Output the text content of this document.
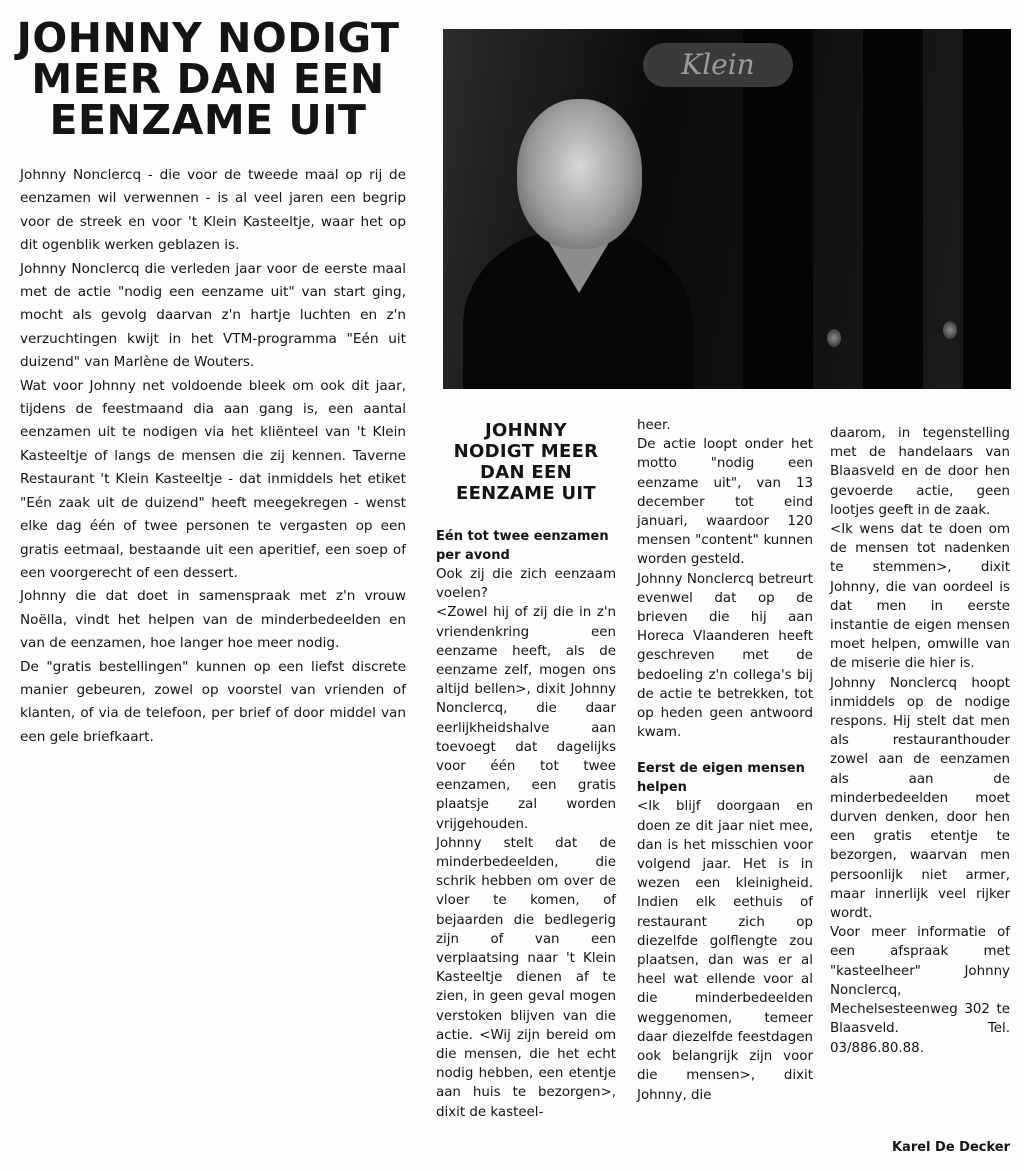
JOHNNY NODIGT
MEER DAN EEN
EENZAME UIT

Johnny Nonclercq - die voor de tweede maal op rij de eenzamen wil verwennen - is al veel jaren een begrip voor de streek en voor 't Klein Kasteeltje, waar het op dit ogenblik werken geblazen is.

Johnny Nonclercq die verleden jaar voor de eerste maal met de actie "nodig een eenzame uit" van start ging, mocht als gevolg daarvan z'n hartje luchten en z'n verzuchtingen kwijt in het VTM-programma "Eén uit duizend" van Marlène de Wouters.

Wat voor Johnny net voldoende bleek om ook dit jaar, tijdens de feestmaand dia aan gang is, een aantal eenzamen uit te nodigen via het kliënteel van 't Klein Kasteeltje of langs de mensen die zij kennen. Taverne Restaurant 't Klein Kasteeltje - dat inmiddels het etiket "Eén zaak uit de duizend" heeft meegekregen - wenst elke dag één of twee personen te vergasten op een gratis eetmaal, bestaande uit een aperitief, een soep of een voorgerecht of een dessert.

Johnny die dat doet in samenspraak met z'n vrouw Noëlla, vindt het helpen van de minderbedeelden en van de eenzamen, hoe langer hoe meer nodig.

De "gratis bestellingen" kunnen op een liefst discrete manier gebeuren, zowel op voorstel van vrienden of klanten, of via de telefoon, per brief of door middel van een gele briefkaart.

Klein
JOHNNY
NODIGT MEER
DAN EEN
EENZAME UIT
Eén tot twee eenzamen per avond

Ook zij die zich eenzaam voelen?

<Zowel hij of zij die in z'n vriendenkring een eenzame heeft, als de eenzame zelf, mogen ons altijd bellen>, dixit Johnny Nonclercq, die daar eerlijkheidshalve aan toevoegt dat dagelijks voor één tot twee eenzamen, een gratis plaatsje zal worden vrijgehouden.

Johnny stelt dat de minderbedeelden, die schrik hebben om over de vloer te komen, of bejaarden die bedlegerig zijn of van een verplaatsing naar 't Klein Kasteeltje dienen af te zien, in geen geval mogen verstoken blijven van die actie. <Wij zijn bereid om die mensen, die het echt nodig hebben, een etentje aan huis te bezorgen>, dixit de kasteel-

heer.

De actie loopt onder het motto "nodig een eenzame uit", van 13 december tot eind januari, waardoor 120 mensen "content" kunnen worden gesteld.

Johnny Nonclercq betreurt evenwel dat op de brieven die hij aan Horeca Vlaanderen heeft geschreven met de bedoeling z'n collega's bij de actie te betrekken, tot op heden geen antwoord kwam.

Eerst de eigen mensen helpen

<Ik blijf doorgaan en doen ze dit jaar niet mee, dan is het misschien voor volgend jaar. Het is in wezen een kleinigheid. Indien elk eethuis of restaurant zich op diezelfde golflengte zou plaatsen, dan was er al heel wat ellende voor al die minderbedeelden weggenomen, temeer daar diezelfde feestdagen ook belangrijk zijn voor die mensen>, dixit Johnny, die

daarom, in tegenstelling met de handelaars van Blaasveld en de door hen gevoerde actie, geen lootjes geeft in de zaak.

<Ik wens dat te doen om de mensen tot nadenken te stemmen>, dixit Johnny, die van oordeel is dat men in eerste instantie de eigen mensen moet helpen, omwille van de miserie die hier is.

Johnny Nonclercq hoopt inmiddels op de nodige respons. Hij stelt dat men als restauranthouder zowel aan de eenzamen als aan de minderbedeelden moet durven denken, door hen een gratis etentje te bezorgen, waarvan men persoonlijk niet armer, maar innerlijk veel rijker wordt.

Voor meer informatie of een afspraak met "kasteelheer" Johnny Nonclercq, Mechelsesteenweg 302 te Blaasveld. Tel. 03/886.80.88.

Karel De Decker
